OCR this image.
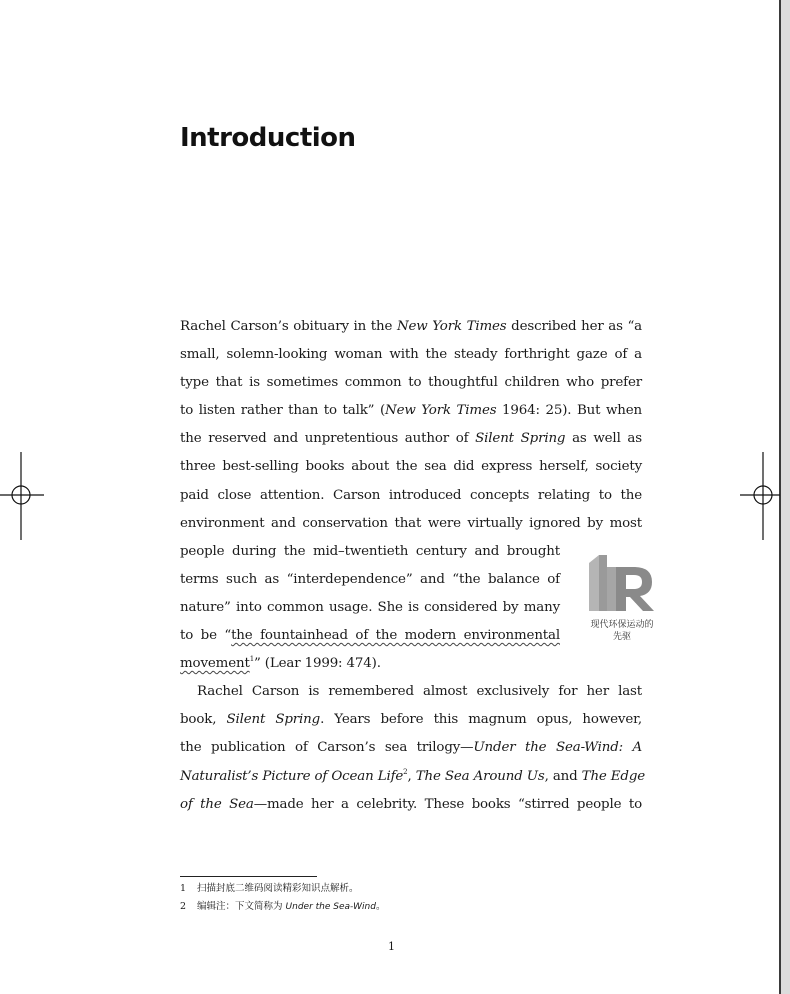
Introduction
Rachel Carson’s obituary in the New York Times described her as “a
small, solemn-looking woman with the steady forthright gaze of a
type that is sometimes common to thoughtful children who prefer
to listen rather than to talk” (New York Times 1964: 25). But when
the reserved and unpretentious author of Silent Spring as well as
three best-selling books about the sea did express herself, society
paid close attention. Carson introduced concepts relating to the
environment and conservation that were virtually ignored by most
people during the mid–twentieth century and brought
terms such as “interdependence” and “the balance of
nature” into common usage. She is considered by many
to be “the fountainhead of the modern environmental
movement$^1$” (Lear 1999: 474).
Rachel Carson is remembered almost exclusively for her last
book, Silent Spring. Years before this magnum opus, however,
the publication of Carson’s sea trilogy—Under the Sea-Wind: A
Naturalist’s Picture of Ocean Life$^2$, The Sea Around Us, and The Edge
of the Sea—made her a celebrity. These books “stirred people to
现代环保运动的
先驱
1 扫描封底二维码阅读精彩知识点解析。
2 编辑注：下文简称为 Under the Sea-Wind。
1
